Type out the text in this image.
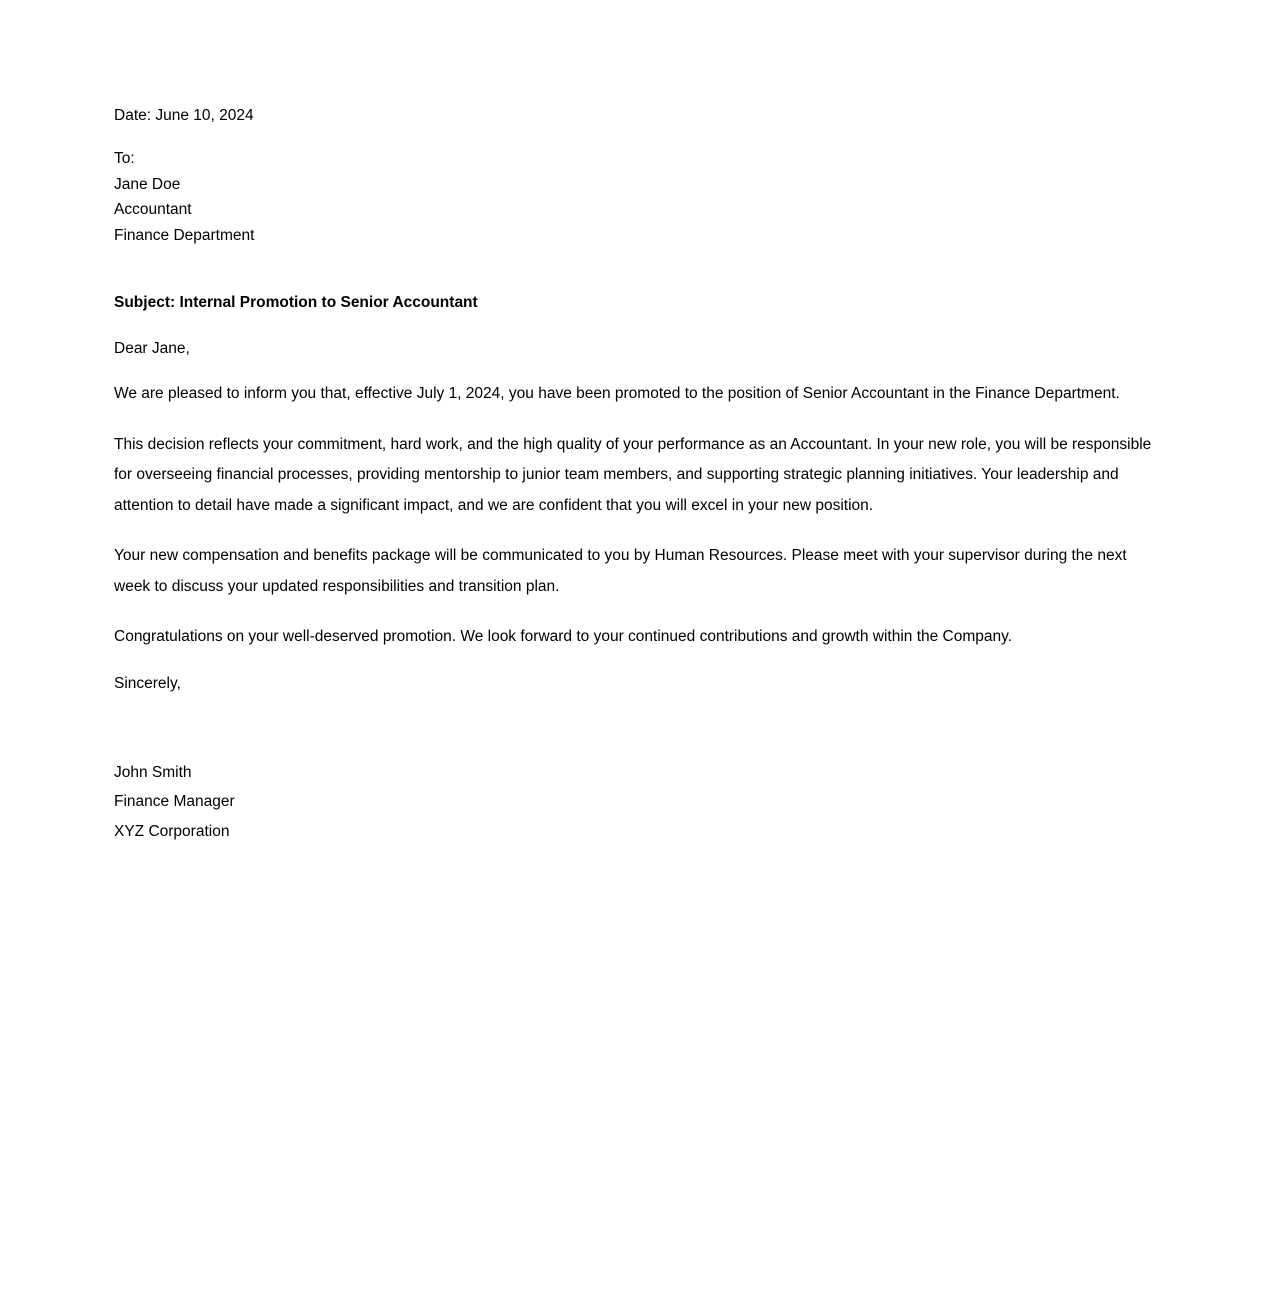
Date: June 10, 2024
To:
Jane Doe
Accountant
Finance Department
Subject: Internal Promotion to Senior Accountant
Dear Jane,

We are pleased to inform you that, effective July 1, 2024, you have been promoted to the position of Senior Accountant in the Finance Department.

This decision reflects your commitment, hard work, and the high quality of your performance as an Accountant. In your new role, you will be responsible for overseeing financial processes, providing mentorship to junior team members, and supporting strategic planning initiatives. Your leadership and attention to detail have made a significant impact, and we are confident that you will excel in your new position.

Your new compensation and benefits package will be communicated to you by Human Resources. Please meet with your supervisor during the next week to discuss your updated responsibilities and transition plan.

Congratulations on your well-deserved promotion. We look forward to your continued contributions and growth within the Company.

Sincerely,
John Smith
Finance Manager
XYZ Corporation
